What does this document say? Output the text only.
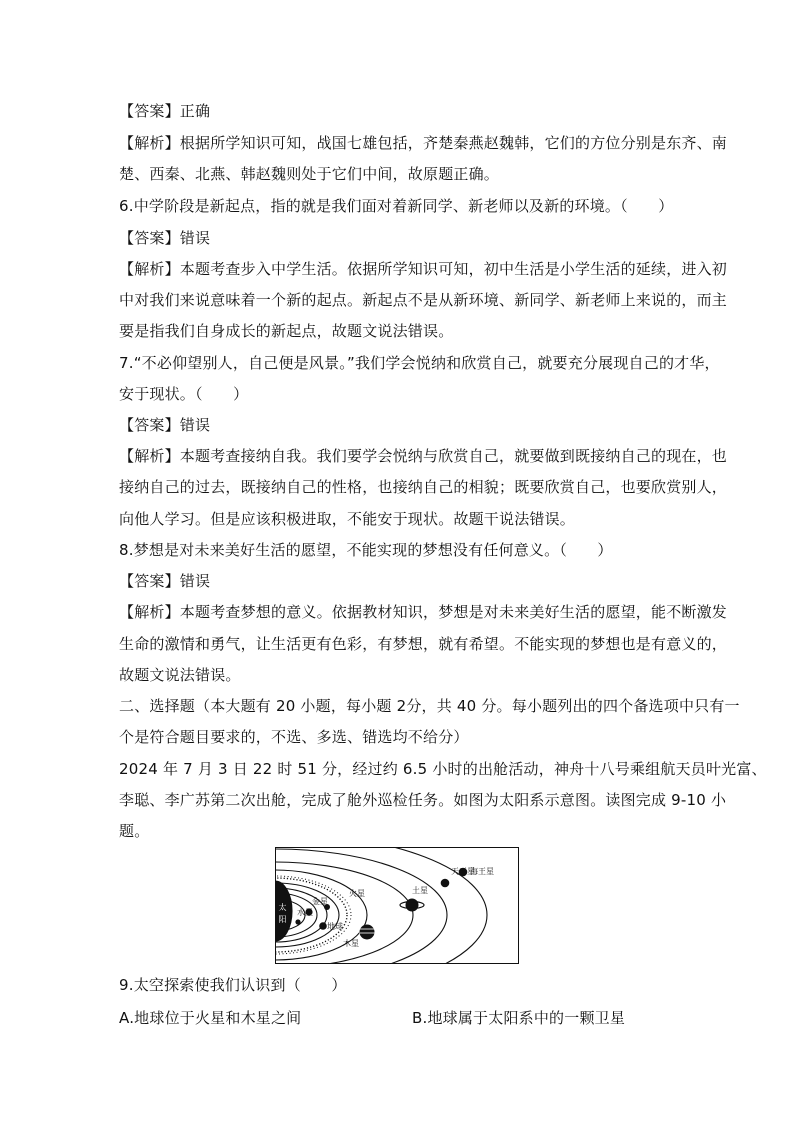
【答案】正确
【解析】根据所学知识可知，战国七雄包括，齐楚秦燕赵魏韩，它们的方位分别是东齐、南
楚、西秦、北燕、韩赵魏则处于它们中间，故原题正确。
6.中学阶段是新起点，指的就是我们面对着新同学、新老师以及新的环境。（　　）
【答案】错误
【解析】本题考查步入中学生活。依据所学知识可知，初中生活是小学生活的延续，进入初
中对我们来说意味着一个新的起点。新起点不是从新环境、新同学、新老师上来说的，而主
要是指我们自身成长的新起点，故题文说法错误。
7.“不必仰望别人，自己便是风景。”我们学会悦纳和欣赏自己，就要充分展现自己的才华，
安于现状。（　　）
【答案】错误
【解析】本题考查接纳自我。我们要学会悦纳与欣赏自己，就要做到既接纳自己的现在，也
接纳自己的过去，既接纳自己的性格，也接纳自己的相貌；既要欣赏自己，也要欣赏别人，
向他人学习。但是应该积极进取，不能安于现状。故题干说法错误。
8.梦想是对未来美好生活的愿望，不能实现的梦想没有任何意义。（　　）
【答案】错误
【解析】本题考查梦想的意义。依据教材知识，梦想是对未来美好生活的愿望，能不断激发
生命的激情和勇气，让生活更有色彩，有梦想，就有希望。不能实现的梦想也是有意义的，
故题文说法错误。
二、选择题（本大题有 20 小题，每小题 2分，共 40 分。每小题列出的四个备选项中只有一
个是符合题目要求的，不选、多选、错选均不给分）
2024 年 7 月 3 日 22 时 51 分，经过约 6.5 小时的出舱活动，神舟十八号乘组航天员叶光富、
李聪、李广苏第二次出舱，完成了舱外巡检任务。如图为太阳系示意图。读图完成 9-10 小
题。
太
阳
水星
金星
地球
火星
木星
土星
天王星
海王星
9.太空探索使我们认识到（　　）
A.地球位于火星和木星之间	B.地球属于太阳系中的一颗卫星
